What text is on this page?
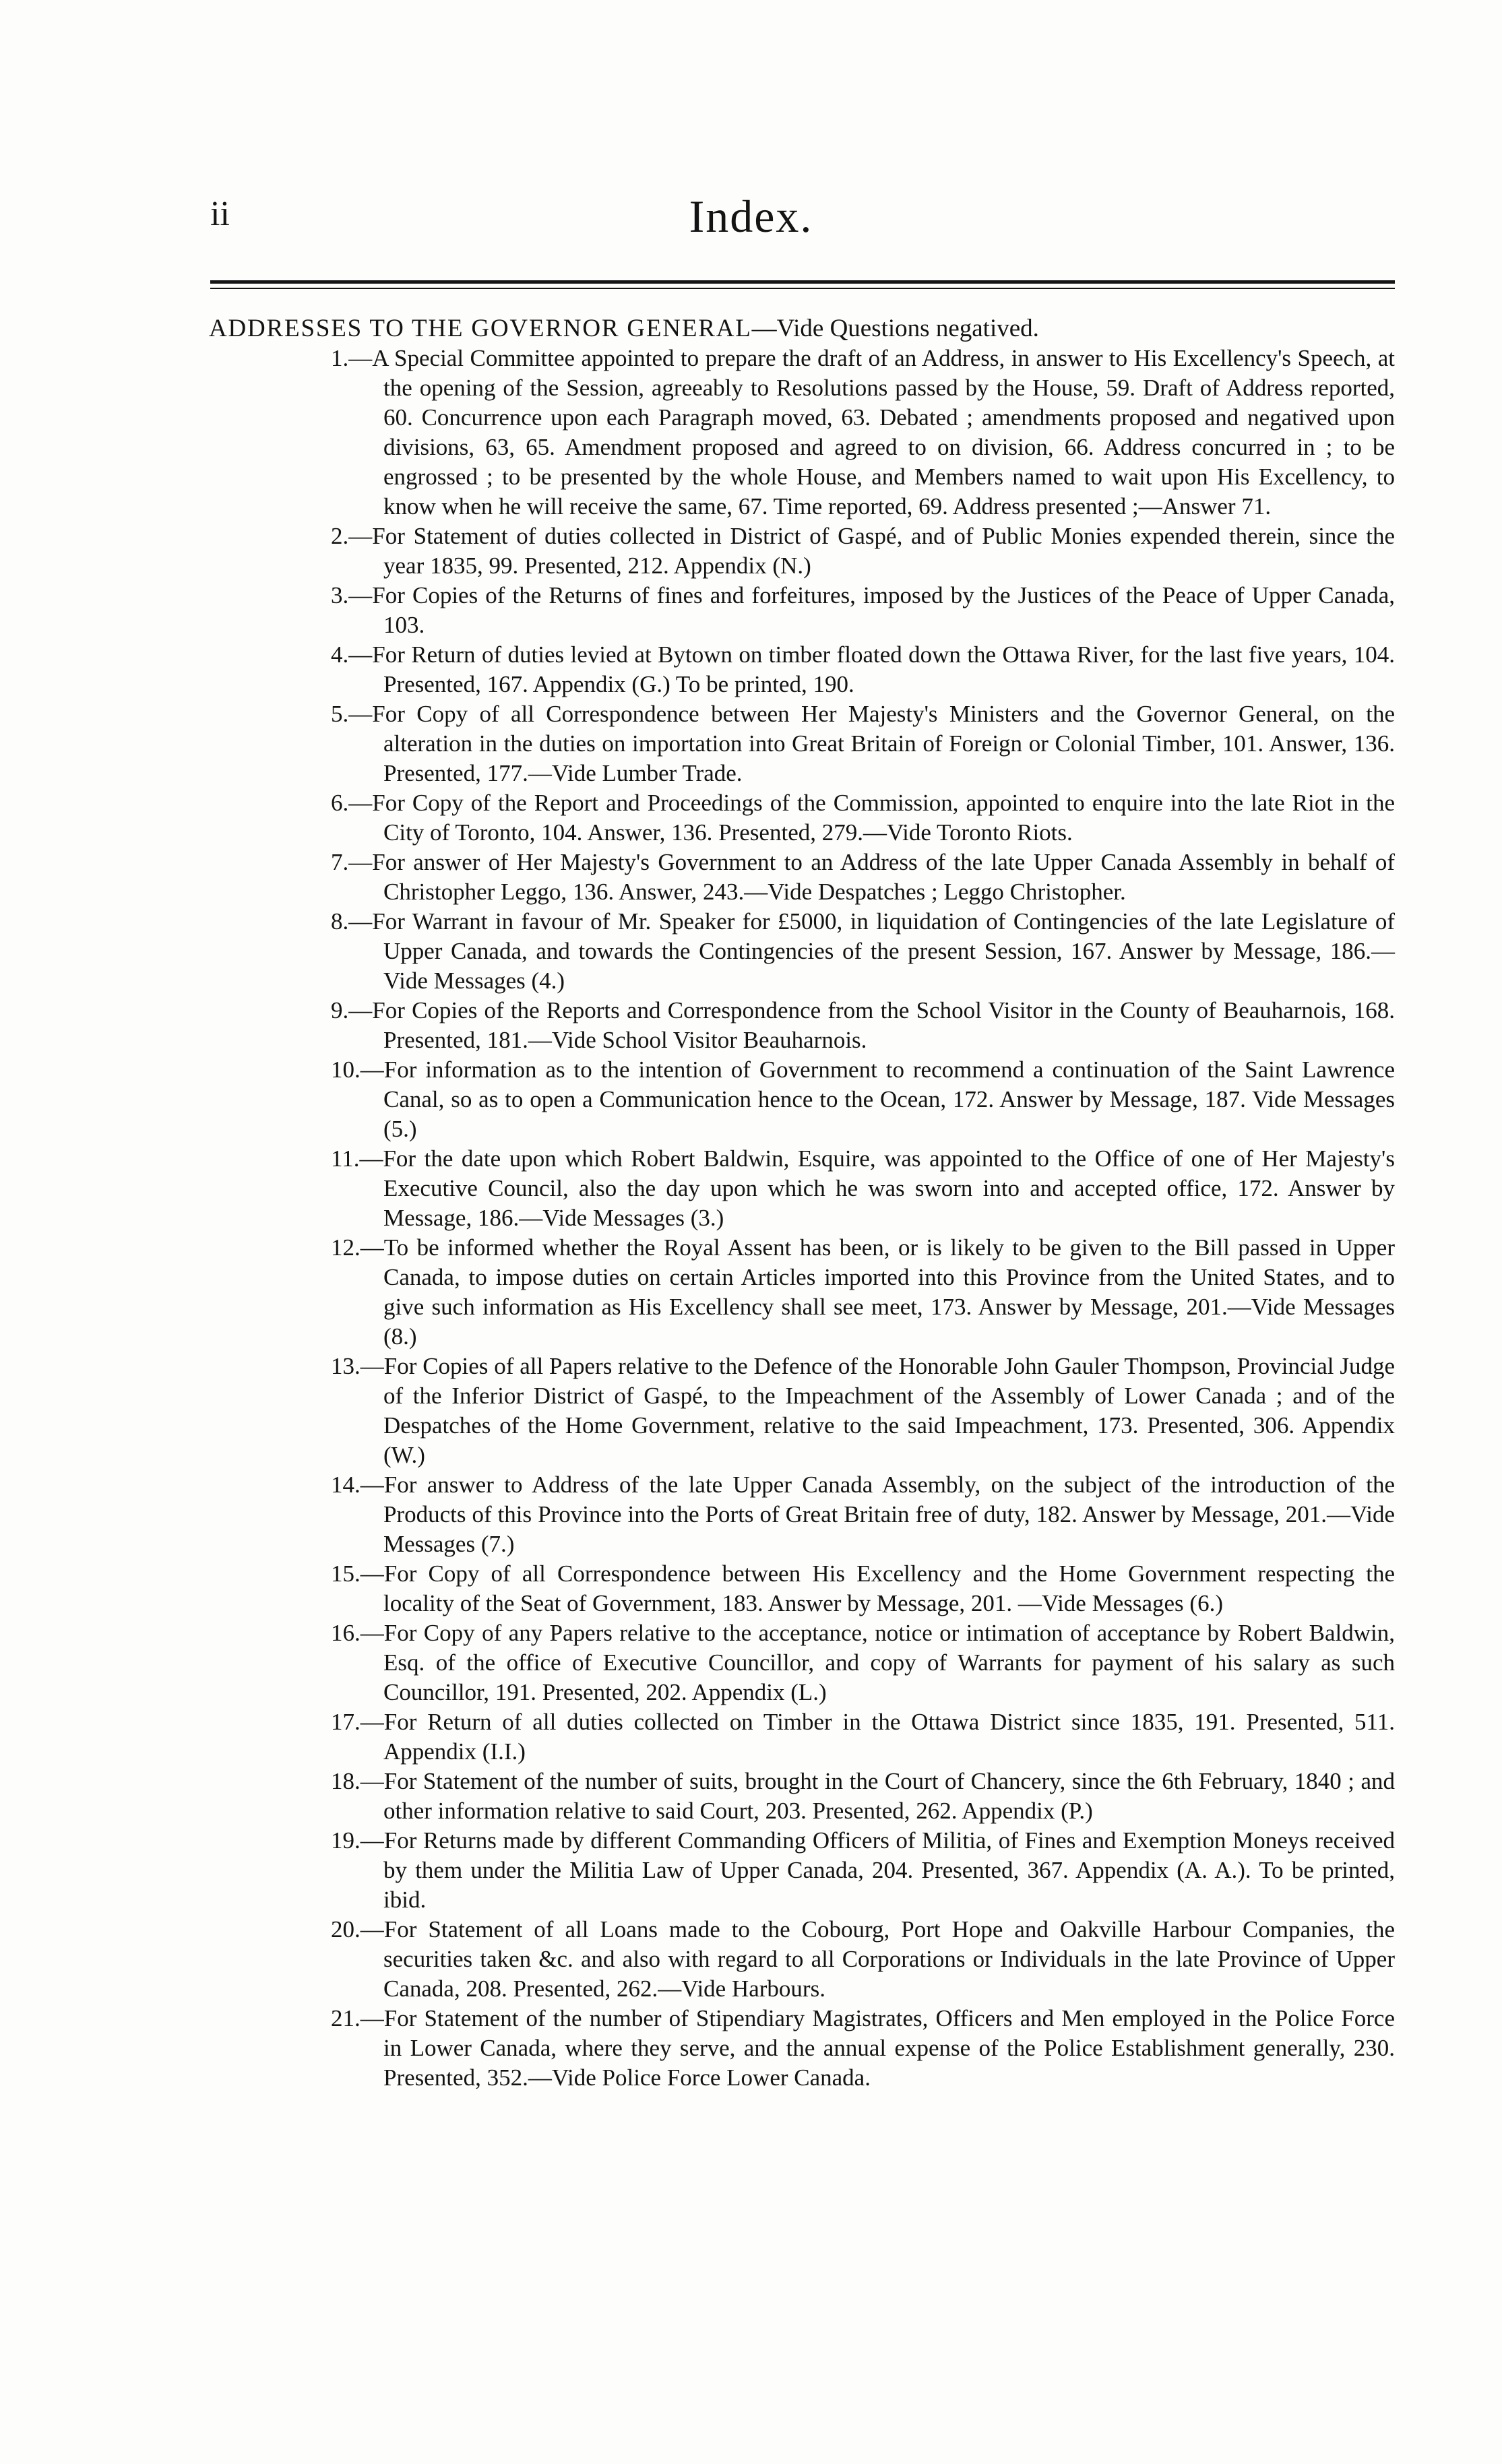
ii	Index.
ADDRESSES TO THE GOVERNOR GENERAL—Vide Questions negatived.

1.—A Special Committee appointed to prepare the draft of an Address, in answer to His Excellency's Speech, at the opening of the Session, agreeably to Resolutions passed by the House, 59. Draft of Address reported, 60. Concurrence upon each Paragraph moved, 63. Debated ; amendments proposed and negatived upon divisions, 63, 65. Amendment proposed and agreed to on division, 66. Address concurred in ; to be engrossed ; to be presented by the whole House, and Members named to wait upon His Excellency, to know when he will receive the same, 67. Time reported, 69. Address presented ;—Answer 71.

2.—For Statement of duties collected in District of Gaspé, and of Public Monies expended therein, since the year 1835, 99. Presented, 212. Appendix (N.)

3.—For Copies of the Returns of fines and forfeitures, imposed by the Justices of the Peace of Upper Canada, 103.

4.—For Return of duties levied at Bytown on timber floated down the Ottawa River, for the last five years, 104. Presented, 167. Appendix (G.) To be printed, 190.

5.—For Copy of all Correspondence between Her Majesty's Ministers and the Governor General, on the alteration in the duties on importation into Great Britain of Foreign or Colonial Timber, 101. Answer, 136. Presented, 177.—Vide Lumber Trade.

6.—For Copy of the Report and Proceedings of the Commission, appointed to enquire into the late Riot in the City of Toronto, 104. Answer, 136. Presented, 279.—Vide Toronto Riots.

7.—For answer of Her Majesty's Government to an Address of the late Upper Canada Assembly in behalf of Christopher Leggo, 136. Answer, 243.—Vide Despatches ; Leggo Christopher.

8.—For Warrant in favour of Mr. Speaker for £5000, in liquidation of Contingencies of the late Legislature of Upper Canada, and towards the Contingencies of the present Session, 167. Answer by Message, 186.—Vide Messages (4.)

9.—For Copies of the Reports and Correspondence from the School Visitor in the County of Beauharnois, 168. Presented, 181.—Vide School Visitor Beauharnois.

10.—For information as to the intention of Government to recommend a continuation of the Saint Lawrence Canal, so as to open a Communication hence to the Ocean, 172. Answer by Message, 187. Vide Messages (5.)

11.—For the date upon which Robert Baldwin, Esquire, was appointed to the Office of one of Her Majesty's Executive Council, also the day upon which he was sworn into and accepted office, 172. Answer by Message, 186.—Vide Messages (3.)

12.—To be informed whether the Royal Assent has been, or is likely to be given to the Bill passed in Upper Canada, to impose duties on certain Articles imported into this Province from the United States, and to give such information as His Excellency shall see meet, 173. Answer by Message, 201.—Vide Messages (8.)

13.—For Copies of all Papers relative to the Defence of the Honorable John Gauler Thompson, Provincial Judge of the Inferior District of Gaspé, to the Impeachment of the Assembly of Lower Canada ; and of the Despatches of the Home Government, relative to the said Impeachment, 173. Presented, 306. Appendix (W.)

14.—For answer to Address of the late Upper Canada Assembly, on the subject of the introduction of the Products of this Province into the Ports of Great Britain free of duty, 182. Answer by Message, 201.—Vide Messages (7.)

15.—For Copy of all Correspondence between His Excellency and the Home Government respecting the locality of the Seat of Government, 183. Answer by Message, 201. —Vide Messages (6.)

16.—For Copy of any Papers relative to the acceptance, notice or intimation of acceptance by Robert Baldwin, Esq. of the office of Executive Councillor, and copy of Warrants for payment of his salary as such Councillor, 191. Presented, 202. Appendix (L.)

17.—For Return of all duties collected on Timber in the Ottawa District since 1835, 191. Presented, 511. Appendix (I.I.)

18.—For Statement of the number of suits, brought in the Court of Chancery, since the 6th February, 1840 ; and other information relative to said Court, 203. Presented, 262. Appendix (P.)

19.—For Returns made by different Commanding Officers of Militia, of Fines and Exemption Moneys received by them under the Militia Law of Upper Canada, 204. Presented, 367. Appendix (A. A.). To be printed, ibid.

20.—For Statement of all Loans made to the Cobourg, Port Hope and Oakville Harbour Companies, the securities taken &c. and also with regard to all Corporations or Individuals in the late Province of Upper Canada, 208. Presented, 262.—Vide Harbours.

21.—For Statement of the number of Stipendiary Magistrates, Officers and Men employed in the Police Force in Lower Canada, where they serve, and the annual expense of the Police Establishment generally, 230. Presented, 352.—Vide Police Force Lower Canada.
